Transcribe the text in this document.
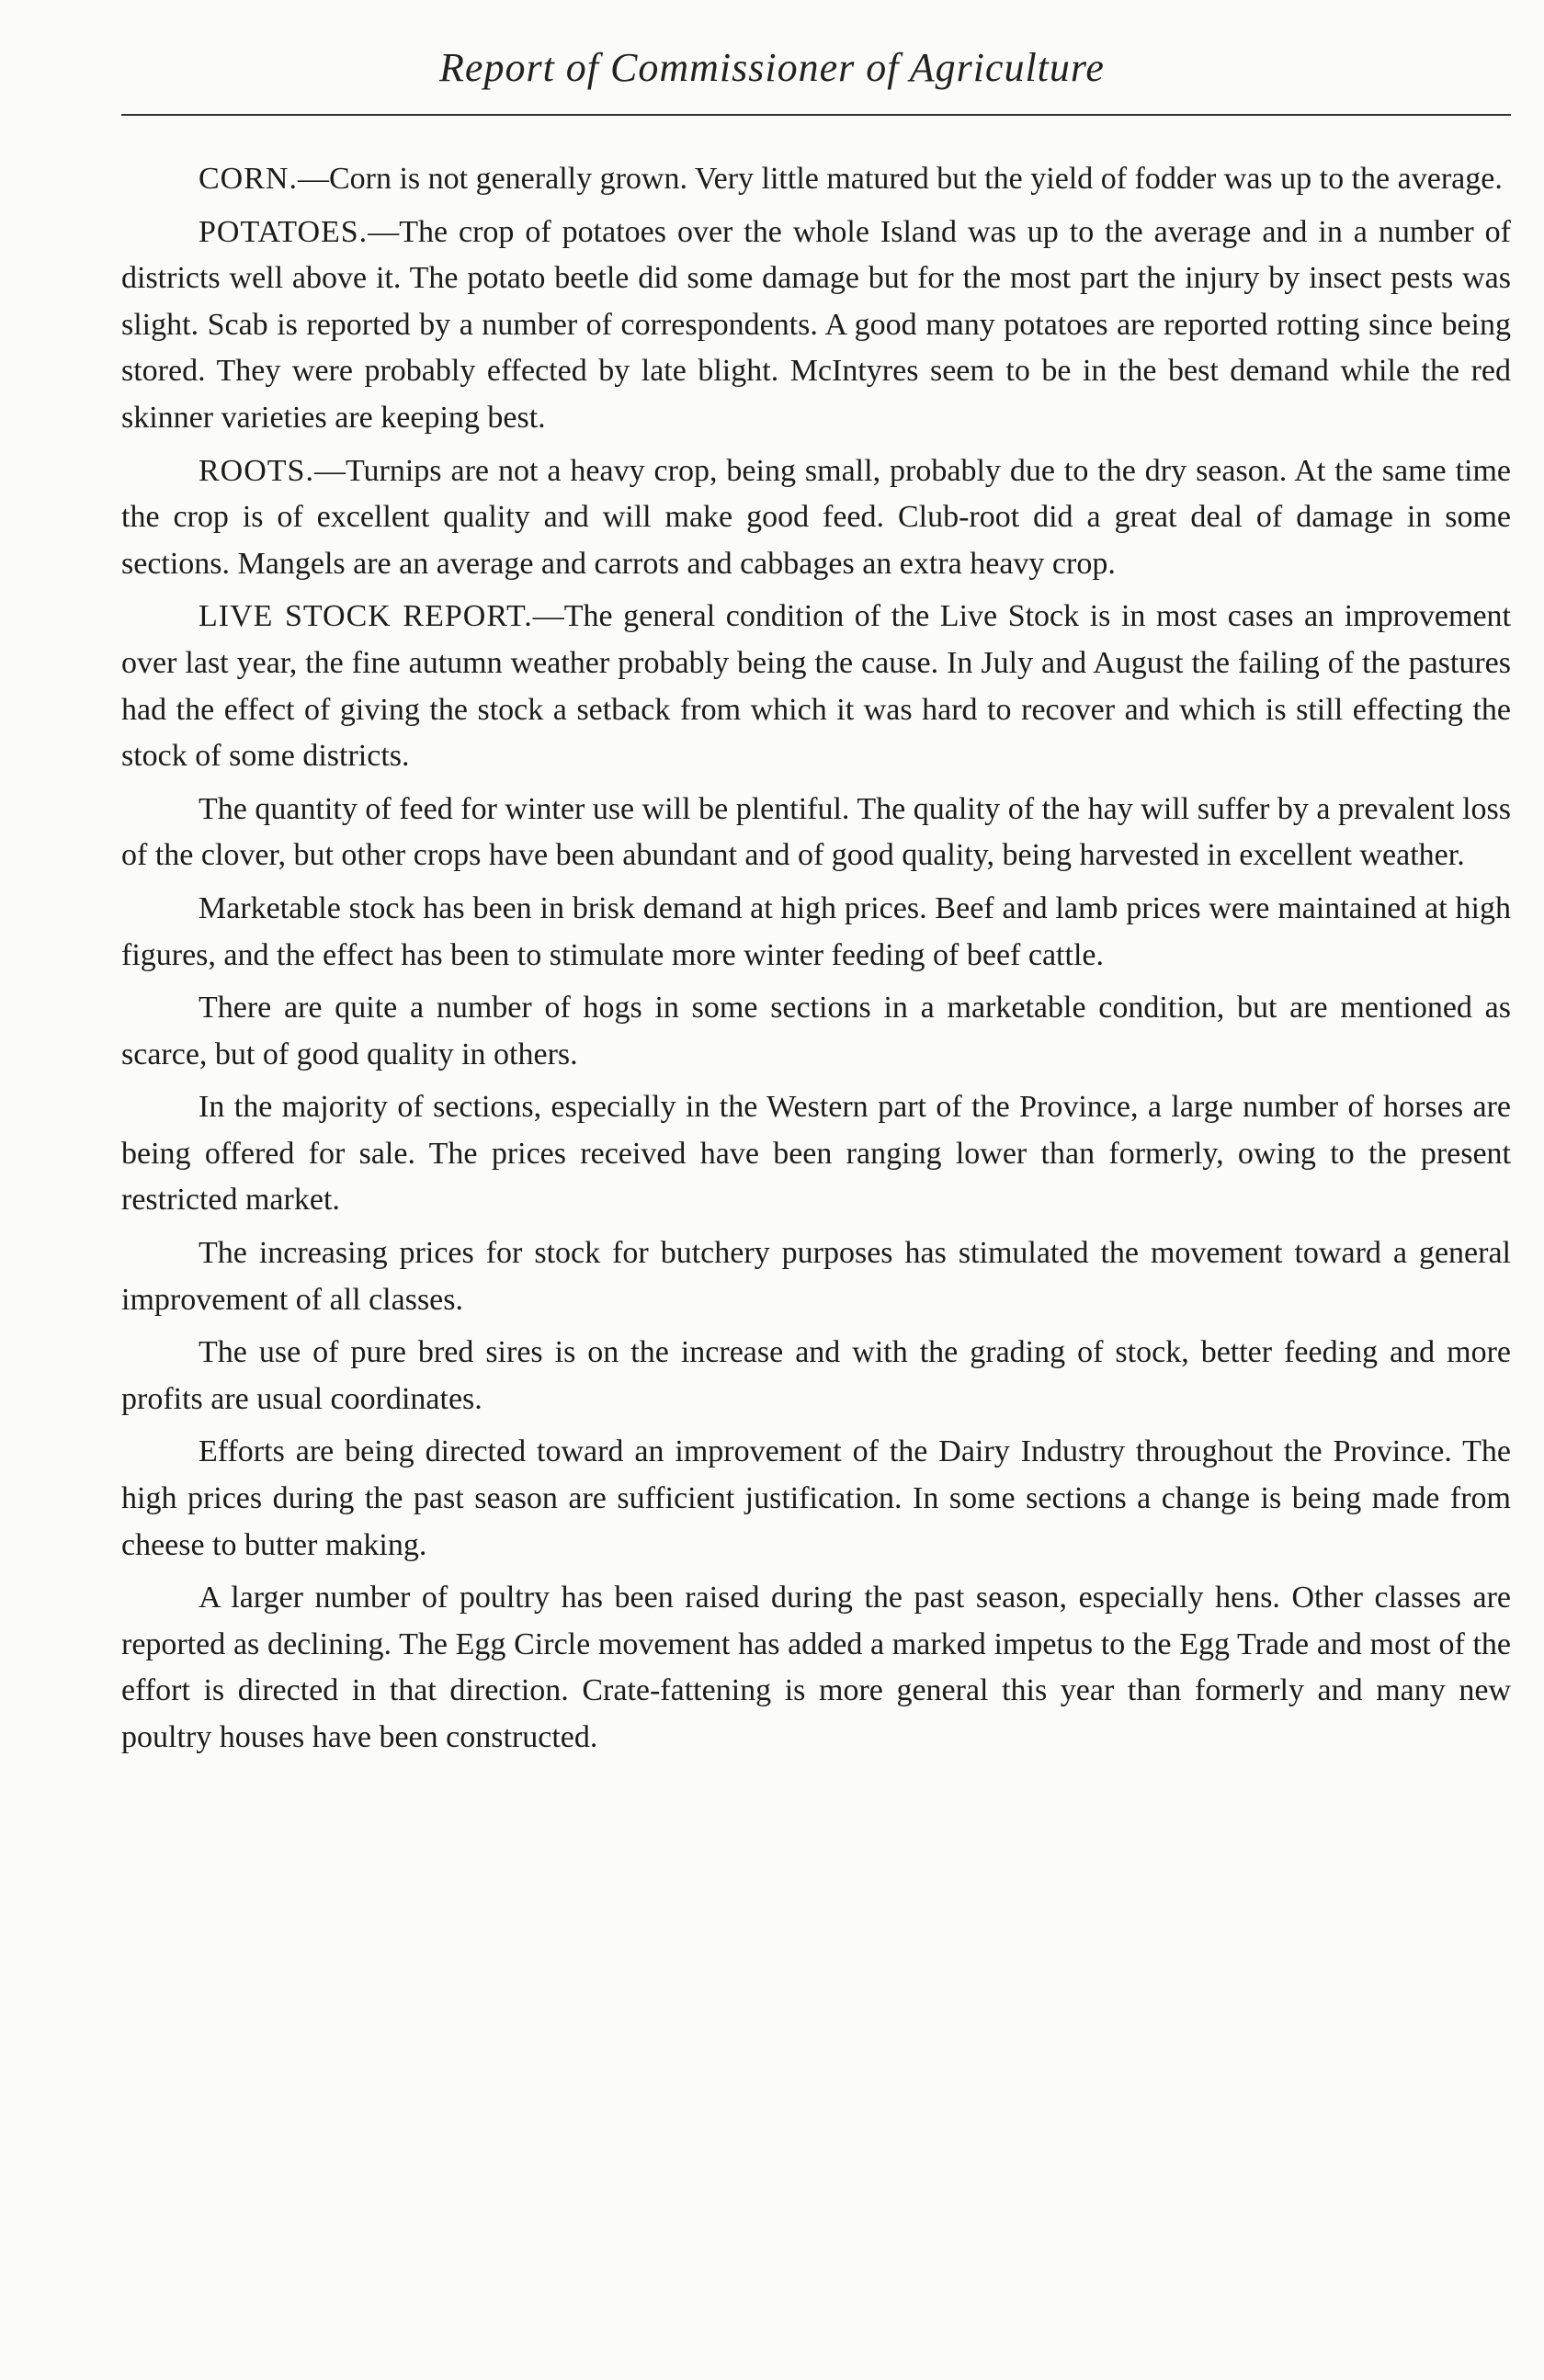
Report of Commissioner of Agriculture

CORN.—Corn is not generally grown. Very little matured but the yield of fodder was up to the average.

POTATOES.—The crop of potatoes over the whole Island was up to the average and in a number of districts well above it. The potato beetle did some damage but for the most part the injury by insect pests was slight. Scab is reported by a number of correspondents. A good many potatoes are reported rotting since being stored. They were probably effected by late blight. McIntyres seem to be in the best demand while the red skinner varieties are keeping best.

ROOTS.—Turnips are not a heavy crop, being small, probably due to the dry season. At the same time the crop is of excellent quality and will make good feed. Club-root did a great deal of damage in some sections. Mangels are an average and carrots and cabbages an extra heavy crop.

LIVE STOCK REPORT.—The general condition of the Live Stock is in most cases an improvement over last year, the fine autumn weather probably being the cause. In July and August the failing of the pastures had the effect of giving the stock a setback from which it was hard to recover and which is still effecting the stock of some districts.

The quantity of feed for winter use will be plentiful. The quality of the hay will suffer by a prevalent loss of the clover, but other crops have been abundant and of good quality, being harvested in excellent weather.

Marketable stock has been in brisk demand at high prices. Beef and lamb prices were maintained at high figures, and the effect has been to stimulate more winter feeding of beef cattle.

There are quite a number of hogs in some sections in a marketable condition, but are mentioned as scarce, but of good quality in others.

In the majority of sections, especially in the Western part of the Province, a large number of horses are being offered for sale. The prices received have been ranging lower than formerly, owing to the present restricted market.

The increasing prices for stock for butchery purposes has stimulated the movement toward a general improvement of all classes.

The use of pure bred sires is on the increase and with the grading of stock, better feeding and more profits are usual coordinates.

Efforts are being directed toward an improvement of the Dairy Industry throughout the Province. The high prices during the past season are sufficient justification. In some sections a change is being made from cheese to butter making.

A larger number of poultry has been raised during the past season, especially hens. Other classes are reported as declining. The Egg Circle movement has added a marked impetus to the Egg Trade and most of the effort is directed in that direction. Crate-fattening is more general this year than formerly and many new poultry houses have been constructed.
